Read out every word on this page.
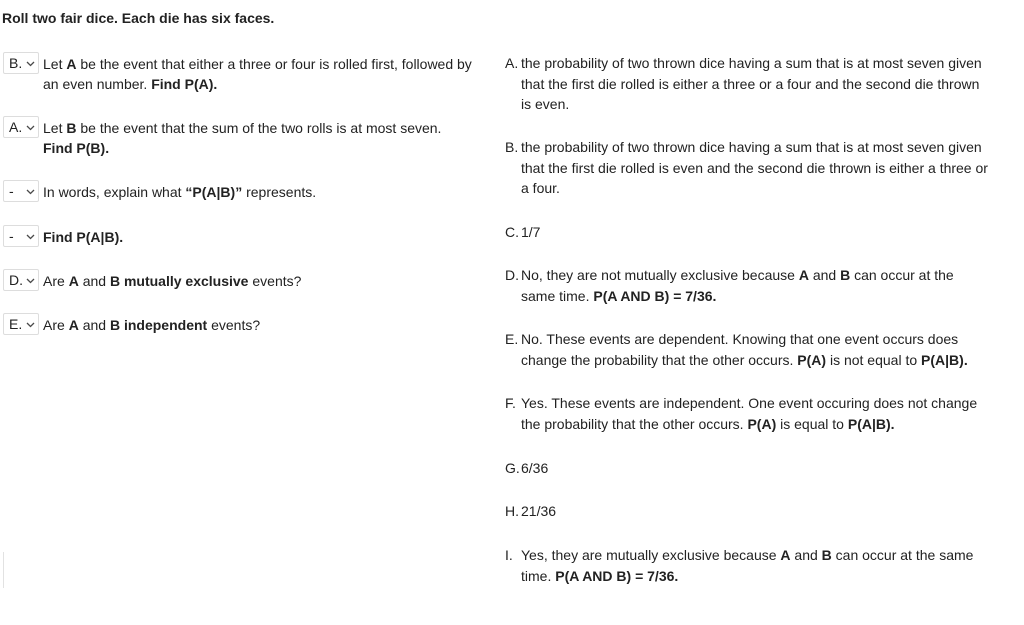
Roll two fair dice. Each die has six faces.
B. Let A be the event that either a three or four is rolled first, followed by an even number. Find P(A).
A. Let B be the event that the sum of the two rolls is at most seven. Find P(B).
- In words, explain what “P(A|B)” represents.
- Find P(A|B).
D. Are A and B mutually exclusive events?
E. Are A and B independent events?
A. the probability of two thrown dice having a sum that is at most seven given that the first die rolled is either a three or a four and the second die thrown is even.
B. the probability of two thrown dice having a sum that is at most seven given that the first die rolled is even and the second die thrown is either a three or a four.
C. 1/7
D. No, they are not mutually exclusive because A and B can occur at the same time. P(A AND B) = 7/36.
E. No. These events are dependent. Knowing that one event occurs does change the probability that the other occurs. P(A) is not equal to P(A|B).
F. Yes. These events are independent. One event occuring does not change the probability that the other occurs. P(A) is equal to P(A|B).
G. 6/36
H. 21/36
I. Yes, they are mutually exclusive because A and B can occur at the same time. P(A AND B) = 7/36.
